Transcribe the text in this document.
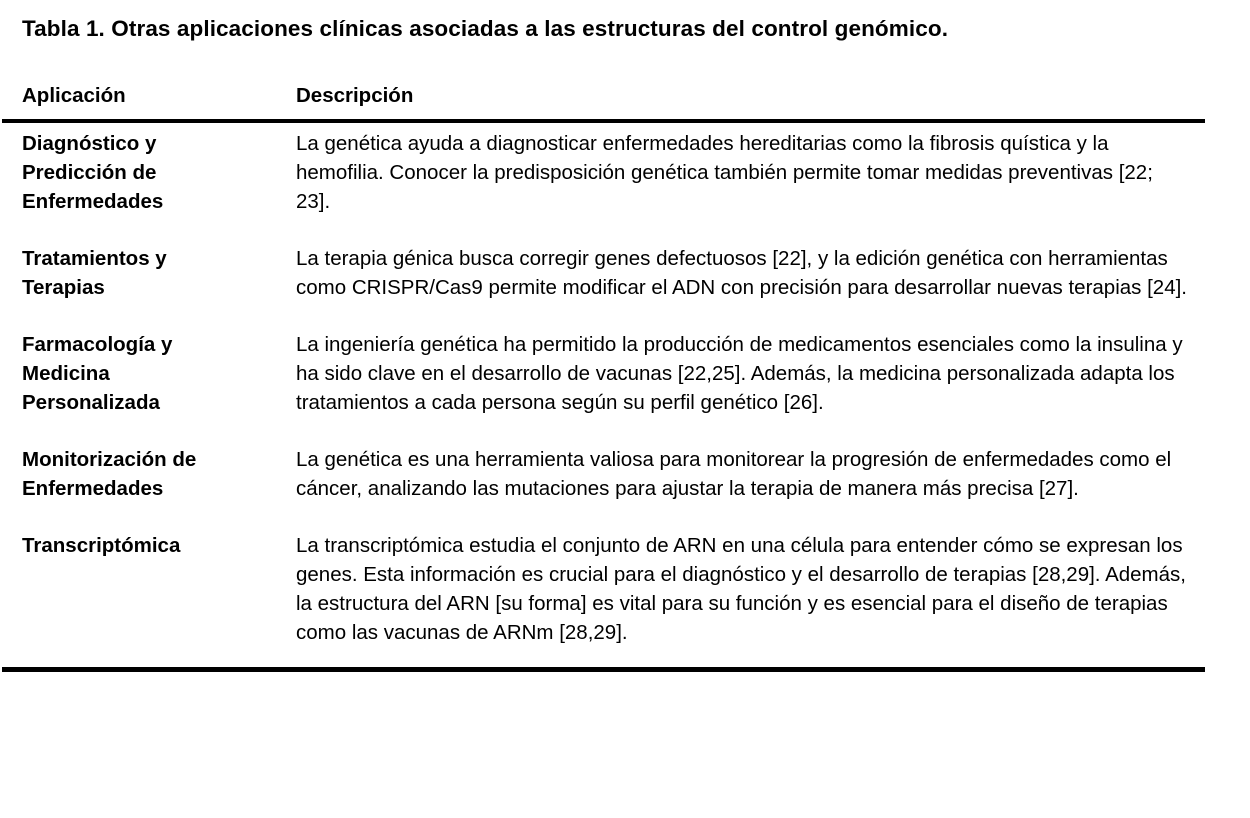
Tabla 1. Otras aplicaciones clínicas asociadas a las estructuras del control genómico.
Aplicación	Descripción
Diagnóstico y Predicción de Enfermedades
La genética ayuda a diagnosticar enfermedades hereditarias como la fibrosis quística y la hemofilia. Conocer la predisposición genética también permite tomar medidas preventivas [22; 23].
Tratamientos y Terapias
La terapia génica busca corregir genes defectuosos [22], y la edición genética con herramientas como CRISPR/Cas9 permite modificar el ADN con precisión para desarrollar nuevas terapias [24].
Farmacología y Medicina Personalizada
La ingeniería genética ha permitido la producción de medicamentos esenciales como la insulina y ha sido clave en el desarrollo de vacunas [22,25]. Además, la medicina personalizada adapta los tratamientos a cada persona según su perfil genético [26].
Monitorización de Enfermedades
La genética es una herramienta valiosa para monitorear la progresión de enfermedades como el cáncer, analizando las mutaciones para ajustar la terapia de manera más precisa [27].
Transcriptómica	La transcriptómica estudia el conjunto de ARN en una célula para entender cómo se expresan los genes. Esta información es crucial para el diagnóstico y el desarrollo de terapias [28,29]. Además, la estructura del ARN [su forma] es vital para su función y es esencial para el diseño de terapias como las vacunas de ARNm [28,29].
